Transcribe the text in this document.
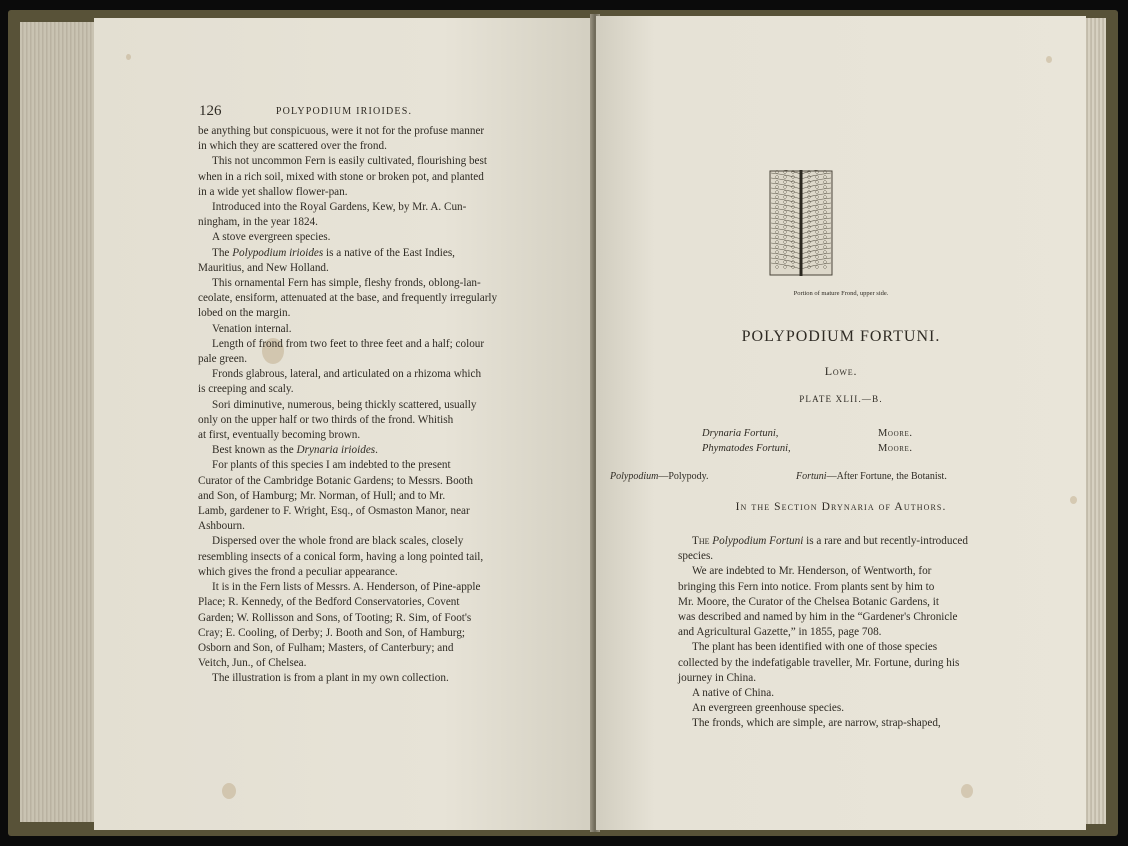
126	POLYPODIUM IRIOIDES.

be anything but conspicuous, were it not for the profuse manner

in which they are scattered over the frond.

This not uncommon Fern is easily cultivated, flourishing best

when in a rich soil, mixed with stone or broken pot, and planted

in a wide yet shallow flower-pan.

Introduced into the Royal Gardens, Kew, by Mr. A. Cun-

ningham, in the year 1824.

A stove evergreen species.

The Polypodium irioides is a native of the East Indies,

Mauritius, and New Holland.

This ornamental Fern has simple, fleshy fronds, oblong-lan-

ceolate, ensiform, attenuated at the base, and frequently irregularly

lobed on the margin.

Venation internal.

Length of frond from two feet to three feet and a half; colour

pale green.

Fronds glabrous, lateral, and articulated on a rhizoma which

is creeping and scaly.

Sori diminutive, numerous, being thickly scattered, usually

only on the upper half or two thirds of the frond. Whitish

at first, eventually becoming brown.

Best known as the Drynaria irioides.

For plants of this species I am indebted to the present

Curator of the Cambridge Botanic Gardens; to Messrs. Booth

and Son, of Hamburg; Mr. Norman, of Hull; and to Mr.

Lamb, gardener to F. Wright, Esq., of Osmaston Manor, near

Ashbourn.

Dispersed over the whole frond are black scales, closely

resembling insects of a conical form, having a long pointed tail,

which gives the frond a peculiar appearance.

It is in the Fern lists of Messrs. A. Henderson, of Pine-apple

Place; R. Kennedy, of the Bedford Conservatories, Covent

Garden; W. Rollisson and Sons, of Tooting; R. Sim, of Foot's

Cray; E. Cooling, of Derby; J. Booth and Son, of Hamburg;

Osborn and Son, of Fulham; Masters, of Canterbury; and

Veitch, Jun., of Chelsea.

The illustration is from a plant in my own collection.

Portion of mature Frond, upper side.
POLYPODIUM FORTUNI.
Lowe.
PLATE XLII.—B.
Drynaria Fortuni,	Moore.
Phymatodes Fortuni,	Moore.
Polypodium—Polypody.	Fortuni—After Fortune, the Botanist.
In the Section Drynaria of Authors.

The Polypodium Fortuni is a rare and but recently-introduced

species.

We are indebted to Mr. Henderson, of Wentworth, for

bringing this Fern into notice. From plants sent by him to

Mr. Moore, the Curator of the Chelsea Botanic Gardens, it

was described and named by him in the “Gardener's Chronicle

and Agricultural Gazette,” in 1855, page 708.

The plant has been identified with one of those species

collected by the indefatigable traveller, Mr. Fortune, during his

journey in China.

A native of China.

An evergreen greenhouse species.

The fronds, which are simple, are narrow, strap-shaped,
